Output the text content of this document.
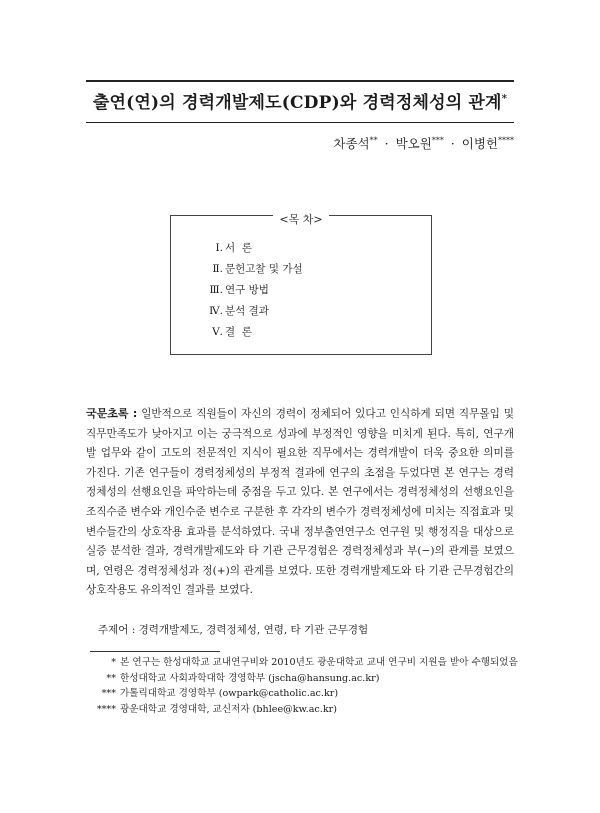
출연(연)의 경력개발제도(CDP)와 경력정체성의 관계*
차종석** · 박오원*** · 이병헌****
<목 차>
Ⅰ. 서  론
Ⅱ. 문헌고찰 및 가설
Ⅲ. 연구 방법
Ⅳ. 분석 결과
Ⅴ. 결  론

국문초록 : 일반적으로 직원들이 자신의 경력이 정체되어 있다고 인식하게 되면 직무몰입 및 직무만족도가 낮아지고 이는 궁극적으로 성과에 부정적인 영향을 미치게 된다. 특히, 연구개발 업무와 같이 고도의 전문적인 지식이 필요한 직무에서는 경력개발이 더욱 중요한 의미를 가진다. 기존 연구들이 경력정체성의 부정적 결과에 연구의 초점을 두었다면 본 연구는 경력정체성의 선행요인을 파악하는데 중점을 두고 있다. 본 연구에서는 경력정체성의 선행요인을 조직수준 변수와 개인수준 변수로 구분한 후 각각의 변수가 경력정체성에 미치는 직접효과 및 변수들간의 상호작용 효과를 분석하였다. 국내 정부출연연구소 연구원 및 행정직을 대상으로 실증 분석한 결과, 경력개발제도와 타 기관 근무경험은 경력정체성과 부(−)의 관계를 보였으며, 연령은 경력정체성과 정(+)의 관계를 보였다. 또한 경력개발제도와 타 기관 근무경험간의 상호작용도 유의적인 결과를 보였다.

주제어 : 경력개발제도, 경력정체성, 연령, 타 기관 근무경험

* 본 연구는 한성대학교 교내연구비와 2010년도 광운대학교 교내 연구비 지원을 받아 수행되었음
** 한성대학교 사회과학대학 경영학부 (jscha@hansung.ac.kr)
*** 가톨릭대학교 경영학부 (owpark@catholic.ac.kr)
**** 광운대학교 경영대학, 교신저자 (bhlee@kw.ac.kr)
